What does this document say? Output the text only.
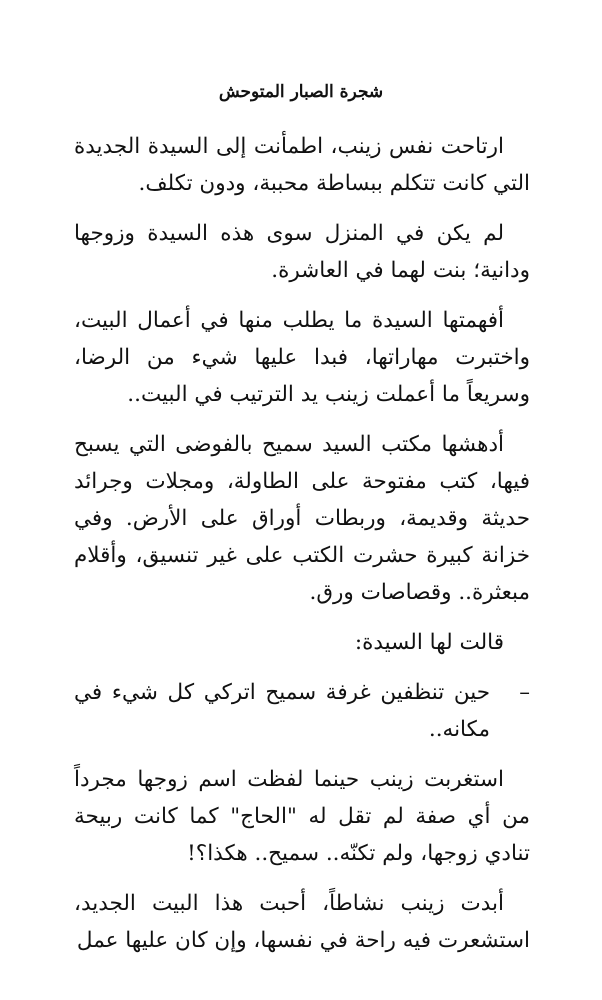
شجرة الصبار المتوحش

ارتاحت نفس زينب، اطمأنت إلى السيدة الجديدة التي كانت تتكلم ببساطة محببة، ودون تكلف.

لم يكن في المنزل سوى هذه السيدة وزوجها ودانية؛ بنت لهما في العاشرة.

أفهمتها السيدة ما يطلب منها في أعمال البيت، واختبرت مهاراتها، فبدا عليها شيء من الرضا، وسريعاً ما أعملت زينب يد الترتيب في البيت..

أدهشها مكتب السيد سميح بالفوضى التي يسبح فيها، كتب مفتوحة على الطاولة، ومجلات وجرائد حديثة وقديمة، وربطات أوراق على الأرض. وفي خزانة كبيرة حشرت الكتب على غير تنسيق، وأقلام مبعثرة.. وقصاصات ورق.

قالت لها السيدة:

–
حين تنظفين غرفة سميح اتركي كل شيء في مكانه..

استغربت زينب حينما لفظت اسم زوجها مجرداً من أي صفة لم تقل له "الحاج" كما كانت ربيحة تنادي زوجها، ولم تكنّه.. سميح.. هكذا؟!

أبدت زينب نشاطاً، أحبت هذا البيت الجديد، استشعرت فيه راحة في نفسها، وإن كان عليها عمل
